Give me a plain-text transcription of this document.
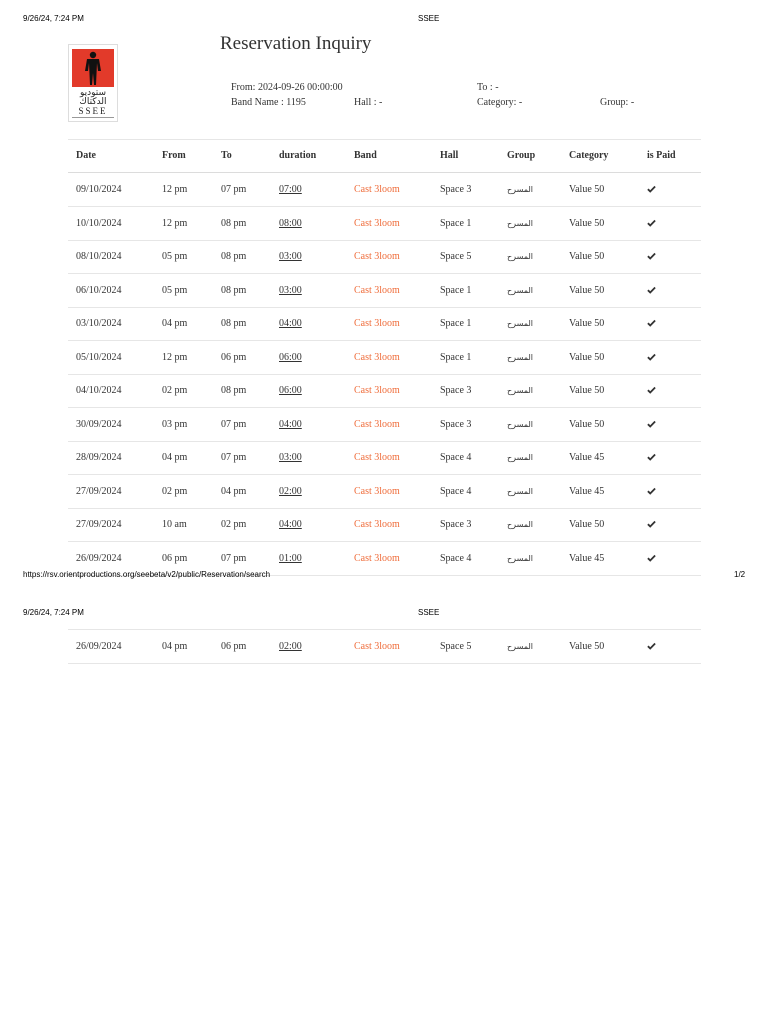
9/26/24, 7:24 PM	SSEE
ستوديو
الدكتاك
SSEE
Reservation Inquiry
From: 2024-09-26 00:00:00	To : -
Band Name : 1195	Hall : -	Category: -	Group: -
Date	From	To	duration	Band	Hall	Group	Category	is Paid
09/10/2024	12 pm	07 pm	07:00	Cast 3loom	Space 3	المسرح	Value 50
10/10/2024	12 pm	08 pm	08:00	Cast 3loom	Space 1	المسرح	Value 50
08/10/2024	05 pm	08 pm	03:00	Cast 3loom	Space 5	المسرح	Value 50
06/10/2024	05 pm	08 pm	03:00	Cast 3loom	Space 1	المسرح	Value 50
03/10/2024	04 pm	08 pm	04:00	Cast 3loom	Space 1	المسرح	Value 50
05/10/2024	12 pm	06 pm	06:00	Cast 3loom	Space 1	المسرح	Value 50
04/10/2024	02 pm	08 pm	06:00	Cast 3loom	Space 3	المسرح	Value 50
30/09/2024	03 pm	07 pm	04:00	Cast 3loom	Space 3	المسرح	Value 50
28/09/2024	04 pm	07 pm	03:00	Cast 3loom	Space 4	المسرح	Value 45
27/09/2024	02 pm	04 pm	02:00	Cast 3loom	Space 4	المسرح	Value 45
27/09/2024	10 am	02 pm	04:00	Cast 3loom	Space 3	المسرح	Value 50
26/09/2024	06 pm	07 pm	01:00	Cast 3loom	Space 4	المسرح	Value 45
https://rsv.orientproductions.org/seebeta/v2/public/Reservation/search	1/2
9/26/24, 7:24 PM	SSEE
26/09/2024	04 pm	06 pm	02:00	Cast 3loom	Space 5	المسرح	Value 50
